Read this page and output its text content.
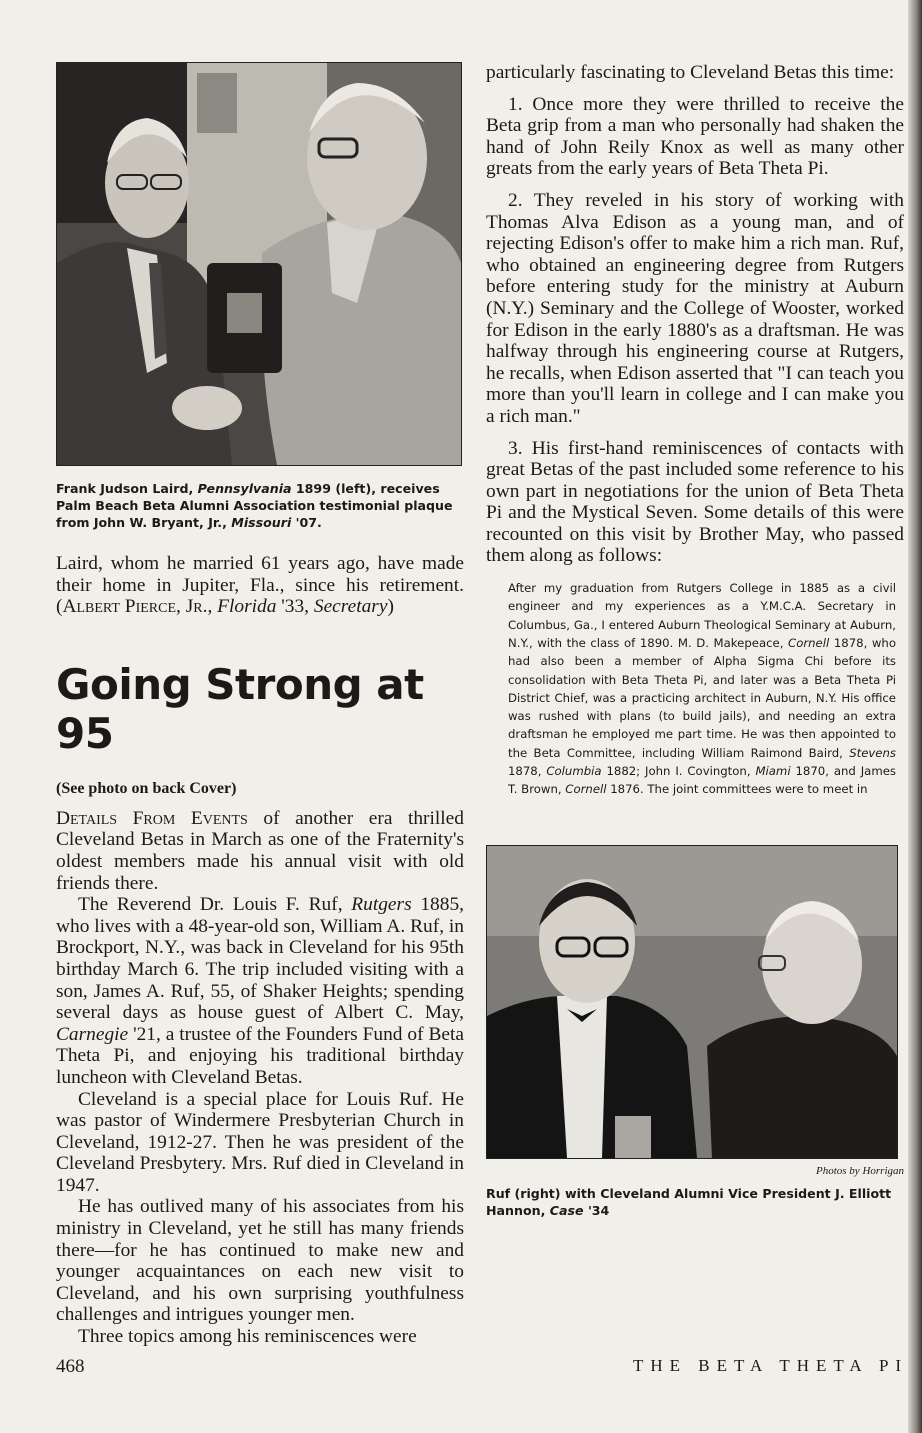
Frank Judson Laird, Pennsylvania 1899 (left), receives Palm Beach Beta Alumni Association testimonial plaque from John W. Bryant, Jr., Missouri '07.

Laird, whom he married 61 years ago, have made their home in Jupiter, Fla., since his retirement. (Albert Pierce, Jr., Florida '33, Secretary)

Going Strong at 95
(See photo on back Cover)

Details From Events of another era thrilled Cleveland Betas in March as one of the Fraternity's oldest members made his annual visit with old friends there.

The Reverend Dr. Louis F. Ruf, Rutgers 1885, who lives with a 48-year-old son, William A. Ruf, in Brockport, N.Y., was back in Cleveland for his 95th birthday March 6. The trip included visiting with a son, James A. Ruf, 55, of Shaker Heights; spending several days as house guest of Albert C. May, Carnegie '21, a trustee of the Founders Fund of Beta Theta Pi, and enjoying his traditional birthday luncheon with Cleveland Betas.

Cleveland is a special place for Louis Ruf. He was pastor of Windermere Presbyterian Church in Cleveland, 1912-27. Then he was president of the Cleveland Presbytery. Mrs. Ruf died in Cleveland in 1947.

He has outlived many of his associates from his ministry in Cleveland, yet he still has many friends there—for he has continued to make new and younger acquaintances on each new visit to Cleveland, and his own surprising youthfulness challenges and intrigues younger men.

Three topics among his reminiscences were

particularly fascinating to Cleveland Betas this time:

1. Once more they were thrilled to receive the Beta grip from a man who personally had shaken the hand of John Reily Knox as well as many other greats from the early years of Beta Theta Pi.

2. They reveled in his story of working with Thomas Alva Edison as a young man, and of rejecting Edison's offer to make him a rich man. Ruf, who obtained an engineering degree from Rutgers before entering study for the ministry at Auburn (N.Y.) Seminary and the College of Wooster, worked for Edison in the early 1880's as a draftsman. He was halfway through his engineering course at Rutgers, he recalls, when Edison asserted that "I can teach you more than you'll learn in college and I can make you a rich man."

3. His first-hand reminiscences of contacts with great Betas of the past included some reference to his own part in negotiations for the union of Beta Theta Pi and the Mystical Seven. Some details of this were recounted on this visit by Brother May, who passed them along as follows:

After my graduation from Rutgers College in 1885 as a civil engineer and my experiences as a Y.M.C.A. Secretary in Columbus, Ga., I entered Auburn Theological Seminary at Auburn, N.Y., with the class of 1890. M. D. Makepeace, Cornell 1878, who had also been a member of Alpha Sigma Chi before its consolidation with Beta Theta Pi, and later was a Beta Theta Pi District Chief, was a practicing architect in Auburn, N.Y. His office was rushed with plans (to build jails), and needing an extra draftsman he employed me part time. He was then appointed to the Beta Committee, including William Raimond Baird, Stevens 1878, Columbia 1882; John I. Covington, Miami 1870, and James T. Brown, Cornell 1876. The joint committees were to meet in

Photos by Horrigan

Ruf (right) with Cleveland Alumni Vice President J. Elliott Hannon, Case '34

468	THE BETA THETA PI
